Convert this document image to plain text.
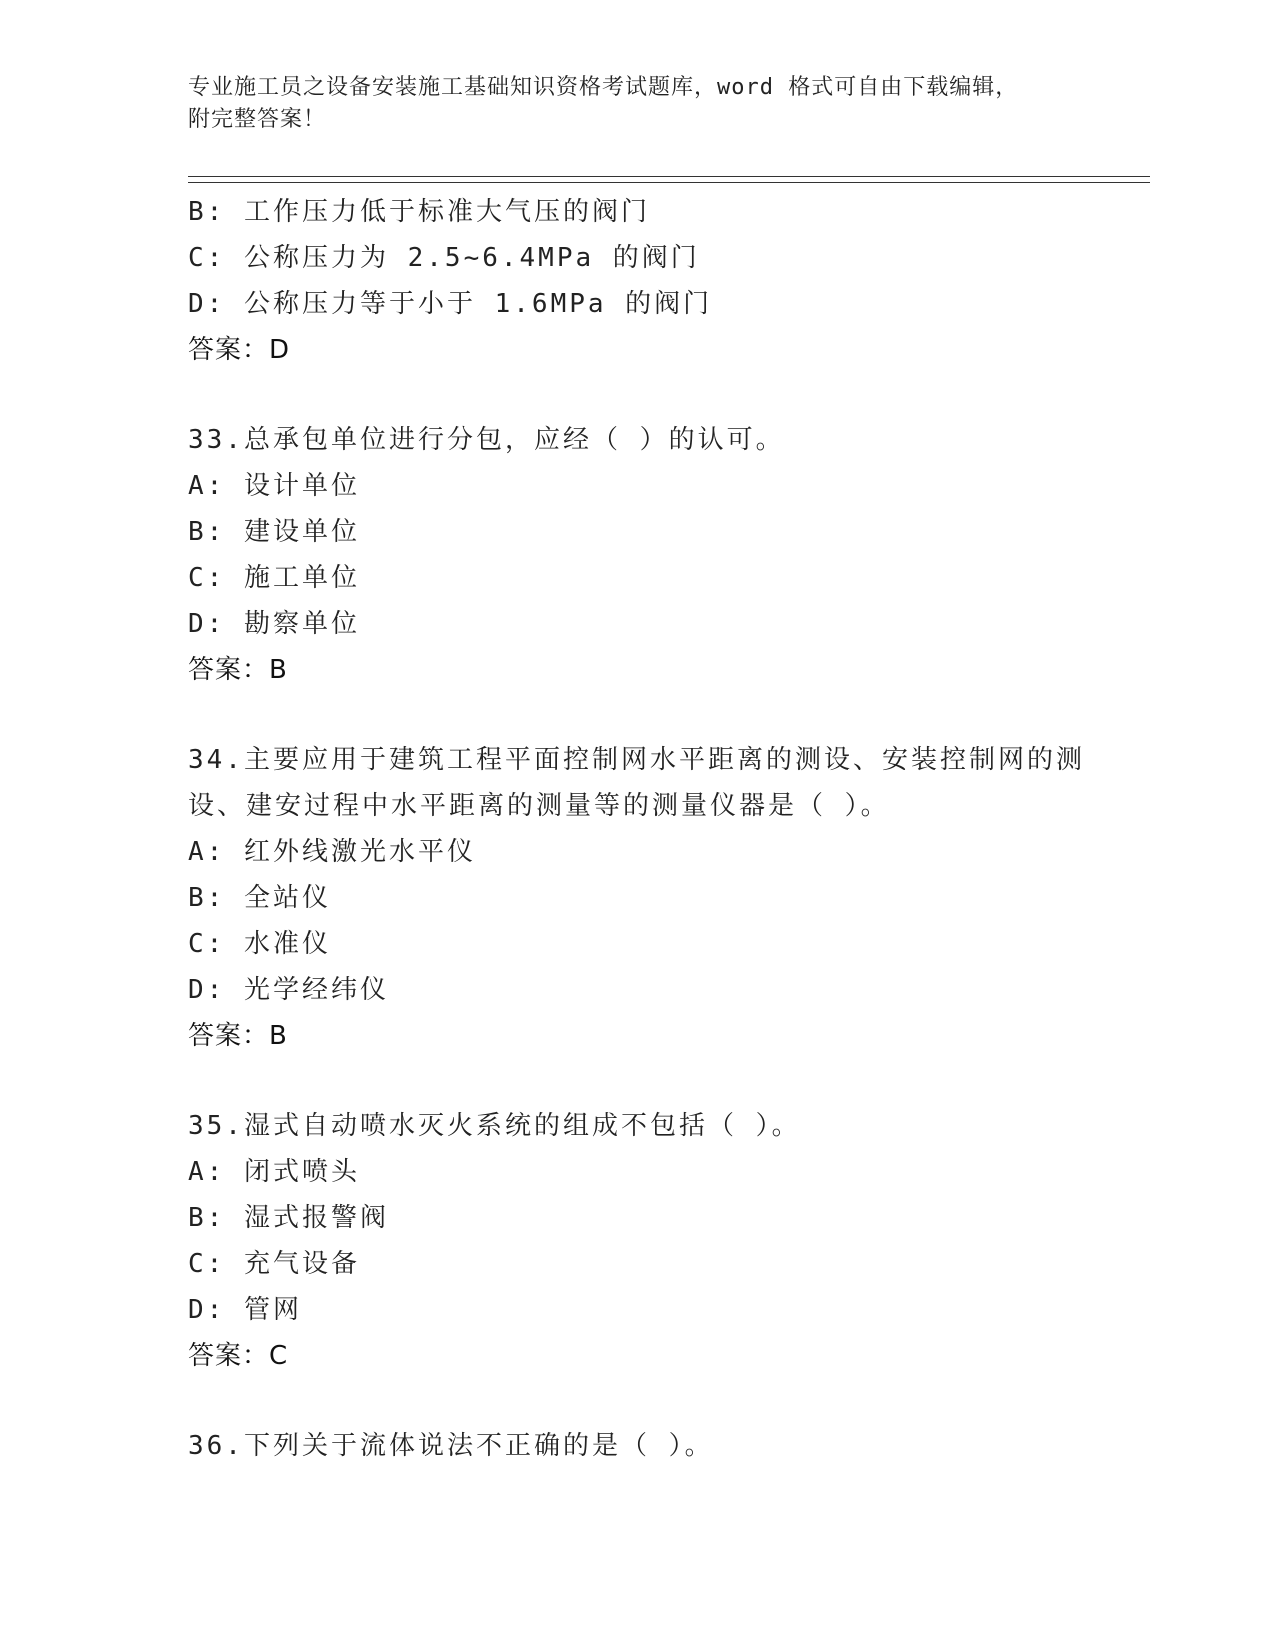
专业施工员之设备安装施工基础知识资格考试题库，word 格式可自由下载编辑，
附完整答案！
B: 工作压力低于标准大气压的阀门
C: 公称压力为 2.5~6.4MPa 的阀门
D: 公称压力等于小于 1.6MPa 的阀门
答案：D
33.总承包单位进行分包，应经（ ）的认可。
A: 设计单位
B: 建设单位
C: 施工单位
D: 勘察单位
答案：B
34.主要应用于建筑工程平面控制网水平距离的测设、安装控制网的测
设、建安过程中水平距离的测量等的测量仪器是（ ）。
A: 红外线激光水平仪
B: 全站仪
C: 水准仪
D: 光学经纬仪
答案：B
35.湿式自动喷水灭火系统的组成不包括（ ）。
A: 闭式喷头
B: 湿式报警阀
C: 充气设备
D: 管网
答案：C
36.下列关于流体说法不正确的是（ ）。
